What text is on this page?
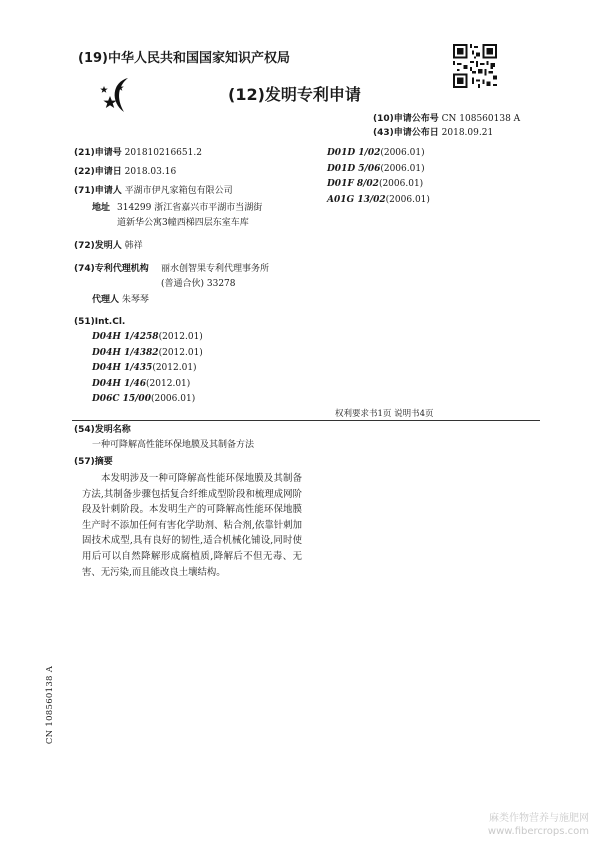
(19)中华人民共和国国家知识产权局
(12)发明专利申请
(10)申请公布号 CN 108560138 A
(43)申请公布日 2018.09.21
(21)申请号 201810216651.2
(22)申请日 2018.03.16
(71)申请人 平湖市伊凡家箱包有限公司
地址 314299 浙江省嘉兴市平湖市当湖街
道新华公寓3幢西梯四层东室车库
(72)发明人 韩祥
(74)专利代理机构 丽水创智果专利代理事务所
(普通合伙) 33278
代理人 朱琴琴
(51)Int.Cl.
D04H 1/4258(2012.01)
D04H 1/4382(2012.01)
D04H 1/435(2012.01)
D04H 1/46(2012.01)
D06C 15/00(2006.01)
D01D 1/02(2006.01)
D01D 5/06(2006.01)
D01F 8/02(2006.01)
A01G 13/02(2006.01)
权利要求书1页 说明书4页
(54)发明名称
一种可降解高性能环保地膜及其制备方法
(57)摘要
本发明涉及一种可降解高性能环保地膜及其制备方法,其制备步骤包括复合纤维成型阶段和梳理成网阶段及针刺阶段。本发明生产的可降解高性能环保地膜生产时不添加任何有害化学助剂、粘合剂,依靠针刺加固技术成型,具有良好的韧性,适合机械化铺设,同时使用后可以自然降解形成腐植质,降解后不但无毒、无害、无污染,而且能改良土壤结构。
CN 108560138 A
麻类作物营养与施肥网
www.fibercrops.com
